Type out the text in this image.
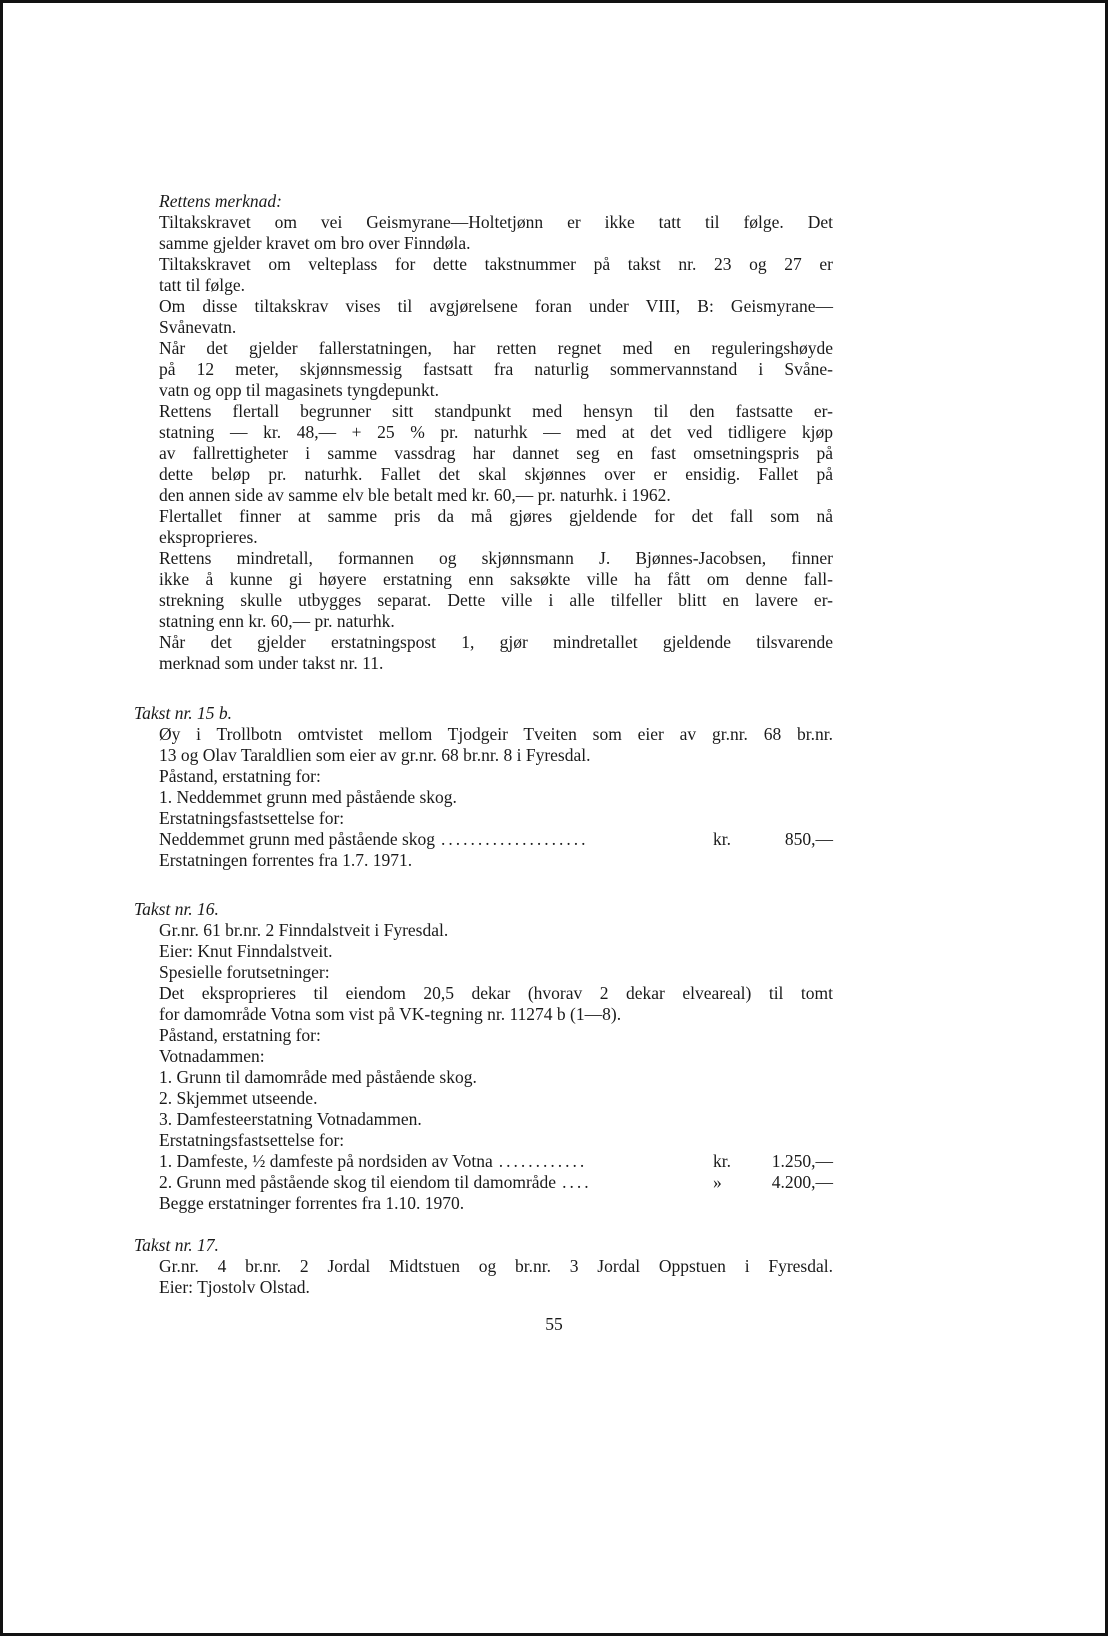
Rettens merknad:

Tiltakskravet om vei Geismyrane—Holtetjønn er ikke tatt til følge. Det

samme gjelder kravet om bro over Finndøla.

Tiltakskravet om velteplass for dette takstnummer på takst nr. 23 og 27 er

tatt til følge.

Om disse tiltakskrav vises til avgjørelsene foran under VIII, B: Geismyrane—

Svånevatn.

Når det gjelder fallerstatningen, har retten regnet med en reguleringshøyde

på 12 meter, skjønnsmessig fastsatt fra naturlig sommervannstand i Svåne-

vatn og opp til magasinets tyngdepunkt.

Rettens flertall begrunner sitt standpunkt med hensyn til den fastsatte er-

statning — kr. 48,— + 25 % pr. naturhk — med at det ved tidligere kjøp

av fallrettigheter i samme vassdrag har dannet seg en fast omsetningspris på

dette beløp pr. naturhk. Fallet det skal skjønnes over er ensidig. Fallet på

den annen side av samme elv ble betalt med kr. 60,— pr. naturhk. i 1962.

Flertallet finner at samme pris da må gjøres gjeldende for det fall som nå

eksproprieres.

Rettens mindretall, formannen og skjønnsmann J. Bjønnes-Jacobsen, finner

ikke å kunne gi høyere erstatning enn saksøkte ville ha fått om denne fall-

strekning skulle utbygges separat. Dette ville i alle tilfeller blitt en lavere er-

statning enn kr. 60,— pr. naturhk.

Når det gjelder erstatningspost 1, gjør mindretallet gjeldende tilsvarende

merknad som under takst nr. 11.

Takst nr. 15 b.

Øy i Trollbotn omtvistet mellom Tjodgeir Tveiten som eier av gr.nr. 68 br.nr.

13 og Olav Taraldlien som eier av gr.nr. 68 br.nr. 8 i Fyresdal.

Påstand, erstatning for:

1. Neddemmet grunn med påstående skog.

Erstatningsfastsettelse for:

Neddemmet grunn med påstående skog ....................	kr.	850,—

Erstatningen forrentes fra 1.7. 1971.

Takst nr. 16.

Gr.nr. 61 br.nr. 2 Finndalstveit i Fyresdal.

Eier: Knut Finndalstveit.

Spesielle forutsetninger:

Det eksproprieres til eiendom 20,5 dekar (hvorav 2 dekar elveareal) til tomt

for damområde Votna som vist på VK-tegning nr. 11274 b (1—8).

Påstand, erstatning for:

Votnadammen:

1. Grunn til damområde med påstående skog.

2. Skjemmet utseende.

3. Damfesteerstatning Votnadammen.

Erstatningsfastsettelse for:

1. Damfeste, ½ damfeste på nordsiden av Votna ............	kr.	1.250,—
2. Grunn med påstående skog til eiendom til damområde ....	»	4.200,—

Begge erstatninger forrentes fra 1.10. 1970.

Takst nr. 17.

Gr.nr. 4 br.nr. 2 Jordal Midtstuen og br.nr. 3 Jordal Oppstuen i Fyresdal.

Eier: Tjostolv Olstad.

55
